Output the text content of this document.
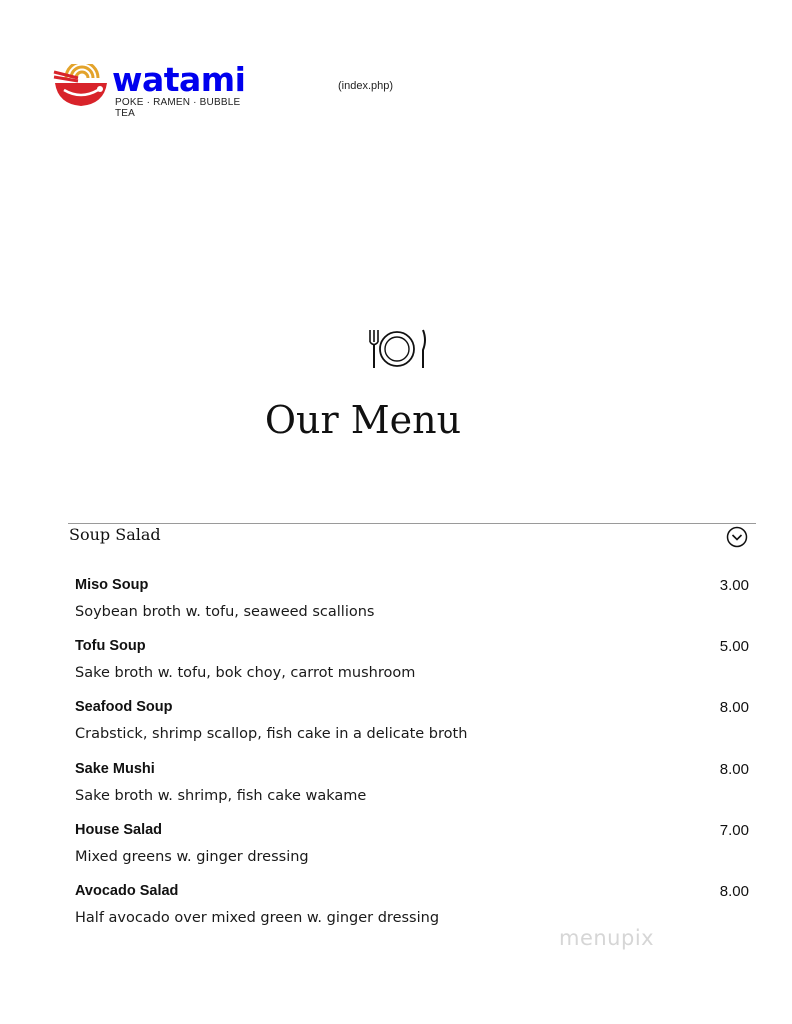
watami
POKE · RAMEN · BUBBLE TEA
(index.php)
Our Menu
Soup Salad
Miso Soup	3.00
Soybean broth w. tofu, seaweed scallions
Tofu Soup	5.00
Sake broth w. tofu, bok choy, carrot mushroom
Seafood Soup	8.00
Crabstick, shrimp scallop, fish cake in a delicate broth
Sake Mushi	8.00
Sake broth w. shrimp, fish cake wakame
House Salad	7.00
Mixed greens w. ginger dressing
Avocado Salad	8.00
Half avocado over mixed green w. ginger dressing
menupix
